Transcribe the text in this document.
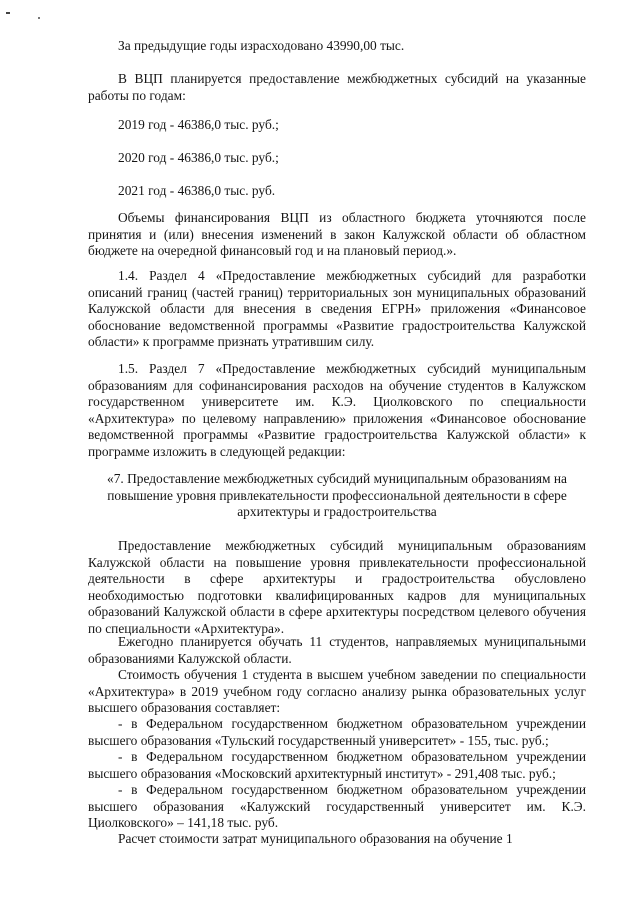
За предыдущие годы израсходовано 43990,00 тыс.
В ВЦП планируется предоставление межбюджетных субсидий на указанные работы по годам:
2019 год - 46386,0 тыс. руб.;
2020 год - 46386,0 тыс. руб.;
2021 год - 46386,0 тыс. руб.
Объемы финансирования ВЦП из областного бюджета уточняются после принятия и (или) внесения изменений в закон Калужской области об областном бюджете на очередной финансовый год и на плановый период.».
1.4. Раздел 4 «Предоставление межбюджетных субсидий для разработки описаний границ (частей границ) территориальных зон муниципальных образований Калужской области для внесения в сведения ЕГРН» приложения «Финансовое обоснование ведомственной программы «Развитие градостроительства Калужской области» к программе признать утратившим силу.
1.5. Раздел 7 «Предоставление межбюджетных субсидий муниципальным образованиям для софинансирования расходов на обучение студентов в Калужском государственном университете им. К.Э. Циолковского по специальности «Архитектура» по целевому направлению» приложения «Финансовое обоснование ведомственной программы «Развитие градостроительства Калужской области» к программе изложить в следующей редакции:
«7. Предоставление межбюджетных субсидий муниципальным образованиям на повышение уровня привлекательности профессиональной деятельности в сфере архитектуры и градостроительства
Предоставление межбюджетных субсидий муниципальным образованиям Калужской области на повышение уровня привлекательности профессиональной деятельности в сфере архитектуры и градостроительства обусловлено необходимостью подготовки квалифицированных кадров для муниципальных образований Калужской области в сфере архитектуры посредством целевого обучения по специальности «Архитектура».
Ежегодно планируется обучать 11 студентов, направляемых муниципальными образованиями Калужской области.
Стоимость обучения 1 студента в высшем учебном заведении по специальности «Архитектура» в 2019 учебном году согласно анализу рынка образовательных услуг высшего образования составляет:
- в Федеральном государственном бюджетном образовательном учреждении высшего образования «Тульский государственный университет» - 155, тыс. руб.;
- в Федеральном государственном бюджетном образовательном учреждении высшего образования «Московский архитектурный институт» - 291,408 тыс. руб.;
- в Федеральном государственном бюджетном образовательном учреждении высшего образования «Калужский государственный университет им. К.Э. Циолковского» – 141,18 тыс. руб.
Расчет стоимости затрат муниципального образования на обучение 1
